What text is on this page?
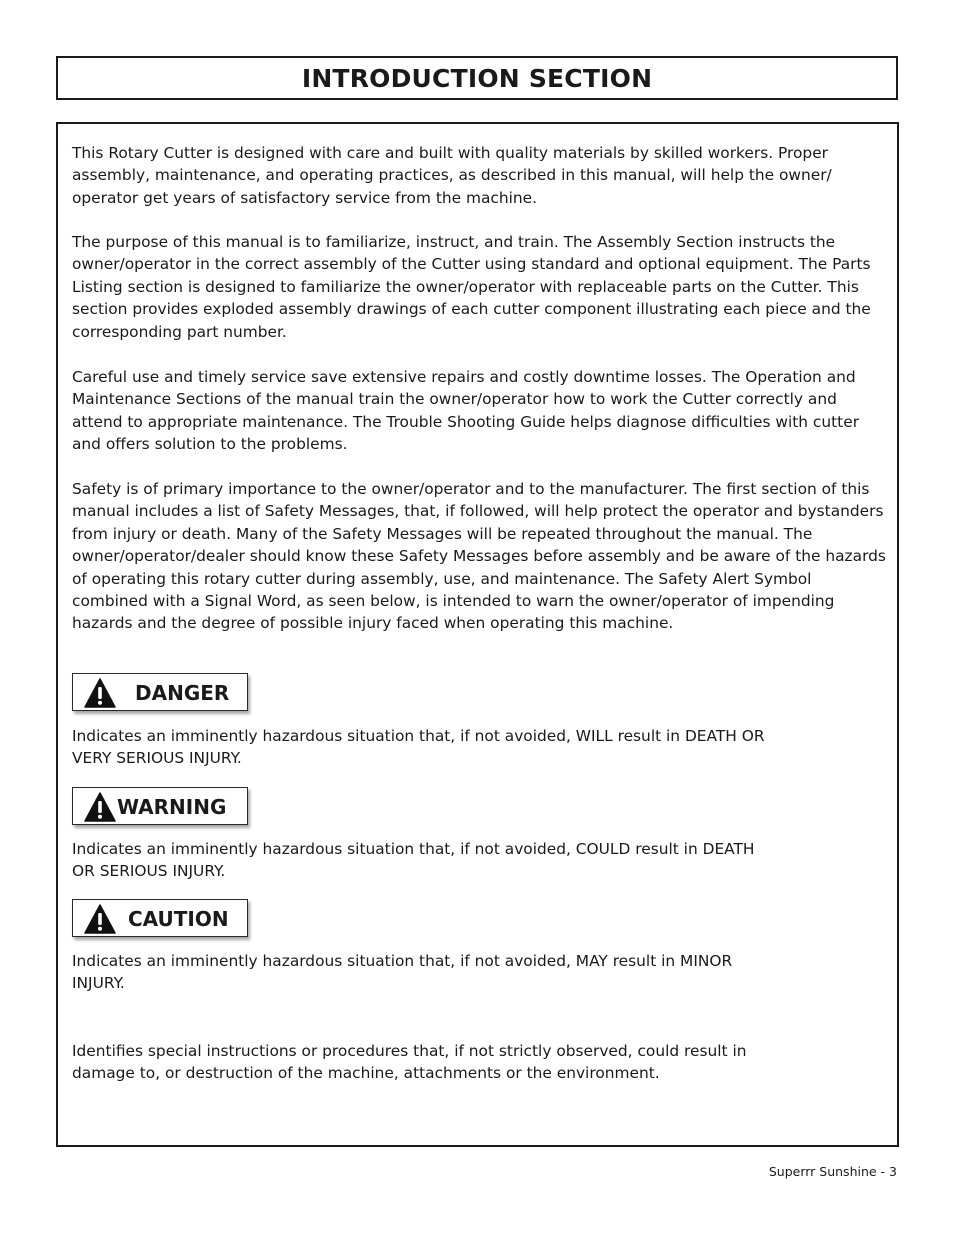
INTRODUCTION SECTION

This Rotary Cutter is designed with care and built with quality materials by skilled workers. Proper assembly, maintenance, and operating practices, as described in this manual, will help the owner/ operator get years of satisfactory service from the machine.

The purpose of this manual is to familiarize, instruct, and train. The Assembly Section instructs the owner/operator in the correct assembly of the Cutter using standard and optional equipment. The Parts Listing section is designed to familiarize the owner/operator with replaceable parts on the Cutter. This section provides exploded assembly drawings of each cutter component illustrating each piece and the corresponding part number.

Careful use and timely service save extensive repairs and costly downtime losses. The Operation and Maintenance Sections of the manual train the owner/operator how to work the Cutter correctly and attend to appropriate maintenance. The Trouble Shooting Guide helps diagnose difficulties with cutter and offers solution to the problems.

Safety is of primary importance to the owner/operator and to the manufacturer. The first section of this manual includes a list of Safety Messages, that, if followed, will help protect the operator and bystanders from injury or death. Many of the Safety Messages will be repeated throughout the manual. The owner/operator/dealer should know these Safety Messages before assembly and be aware of the hazards of operating this rotary cutter during assembly, use, and maintenance. The Safety Alert Symbol combined with a Signal Word, as seen below, is intended to warn the owner/operator of impending hazards and the degree of possible injury faced when operating this machine.

DANGER

Indicates an imminently hazardous situation that, if not avoided, WILL result in DEATH OR
VERY SERIOUS INJURY.

WARNING

Indicates an imminently hazardous situation that, if not avoided, COULD result in DEATH
OR SERIOUS INJURY.

CAUTION

Indicates an imminently hazardous situation that, if not avoided, MAY result in MINOR
INJURY.

Identifies special instructions or procedures that, if not strictly observed, could result in
damage to, or destruction of the machine, attachments or the environment.

Superrr Sunshine - 3
